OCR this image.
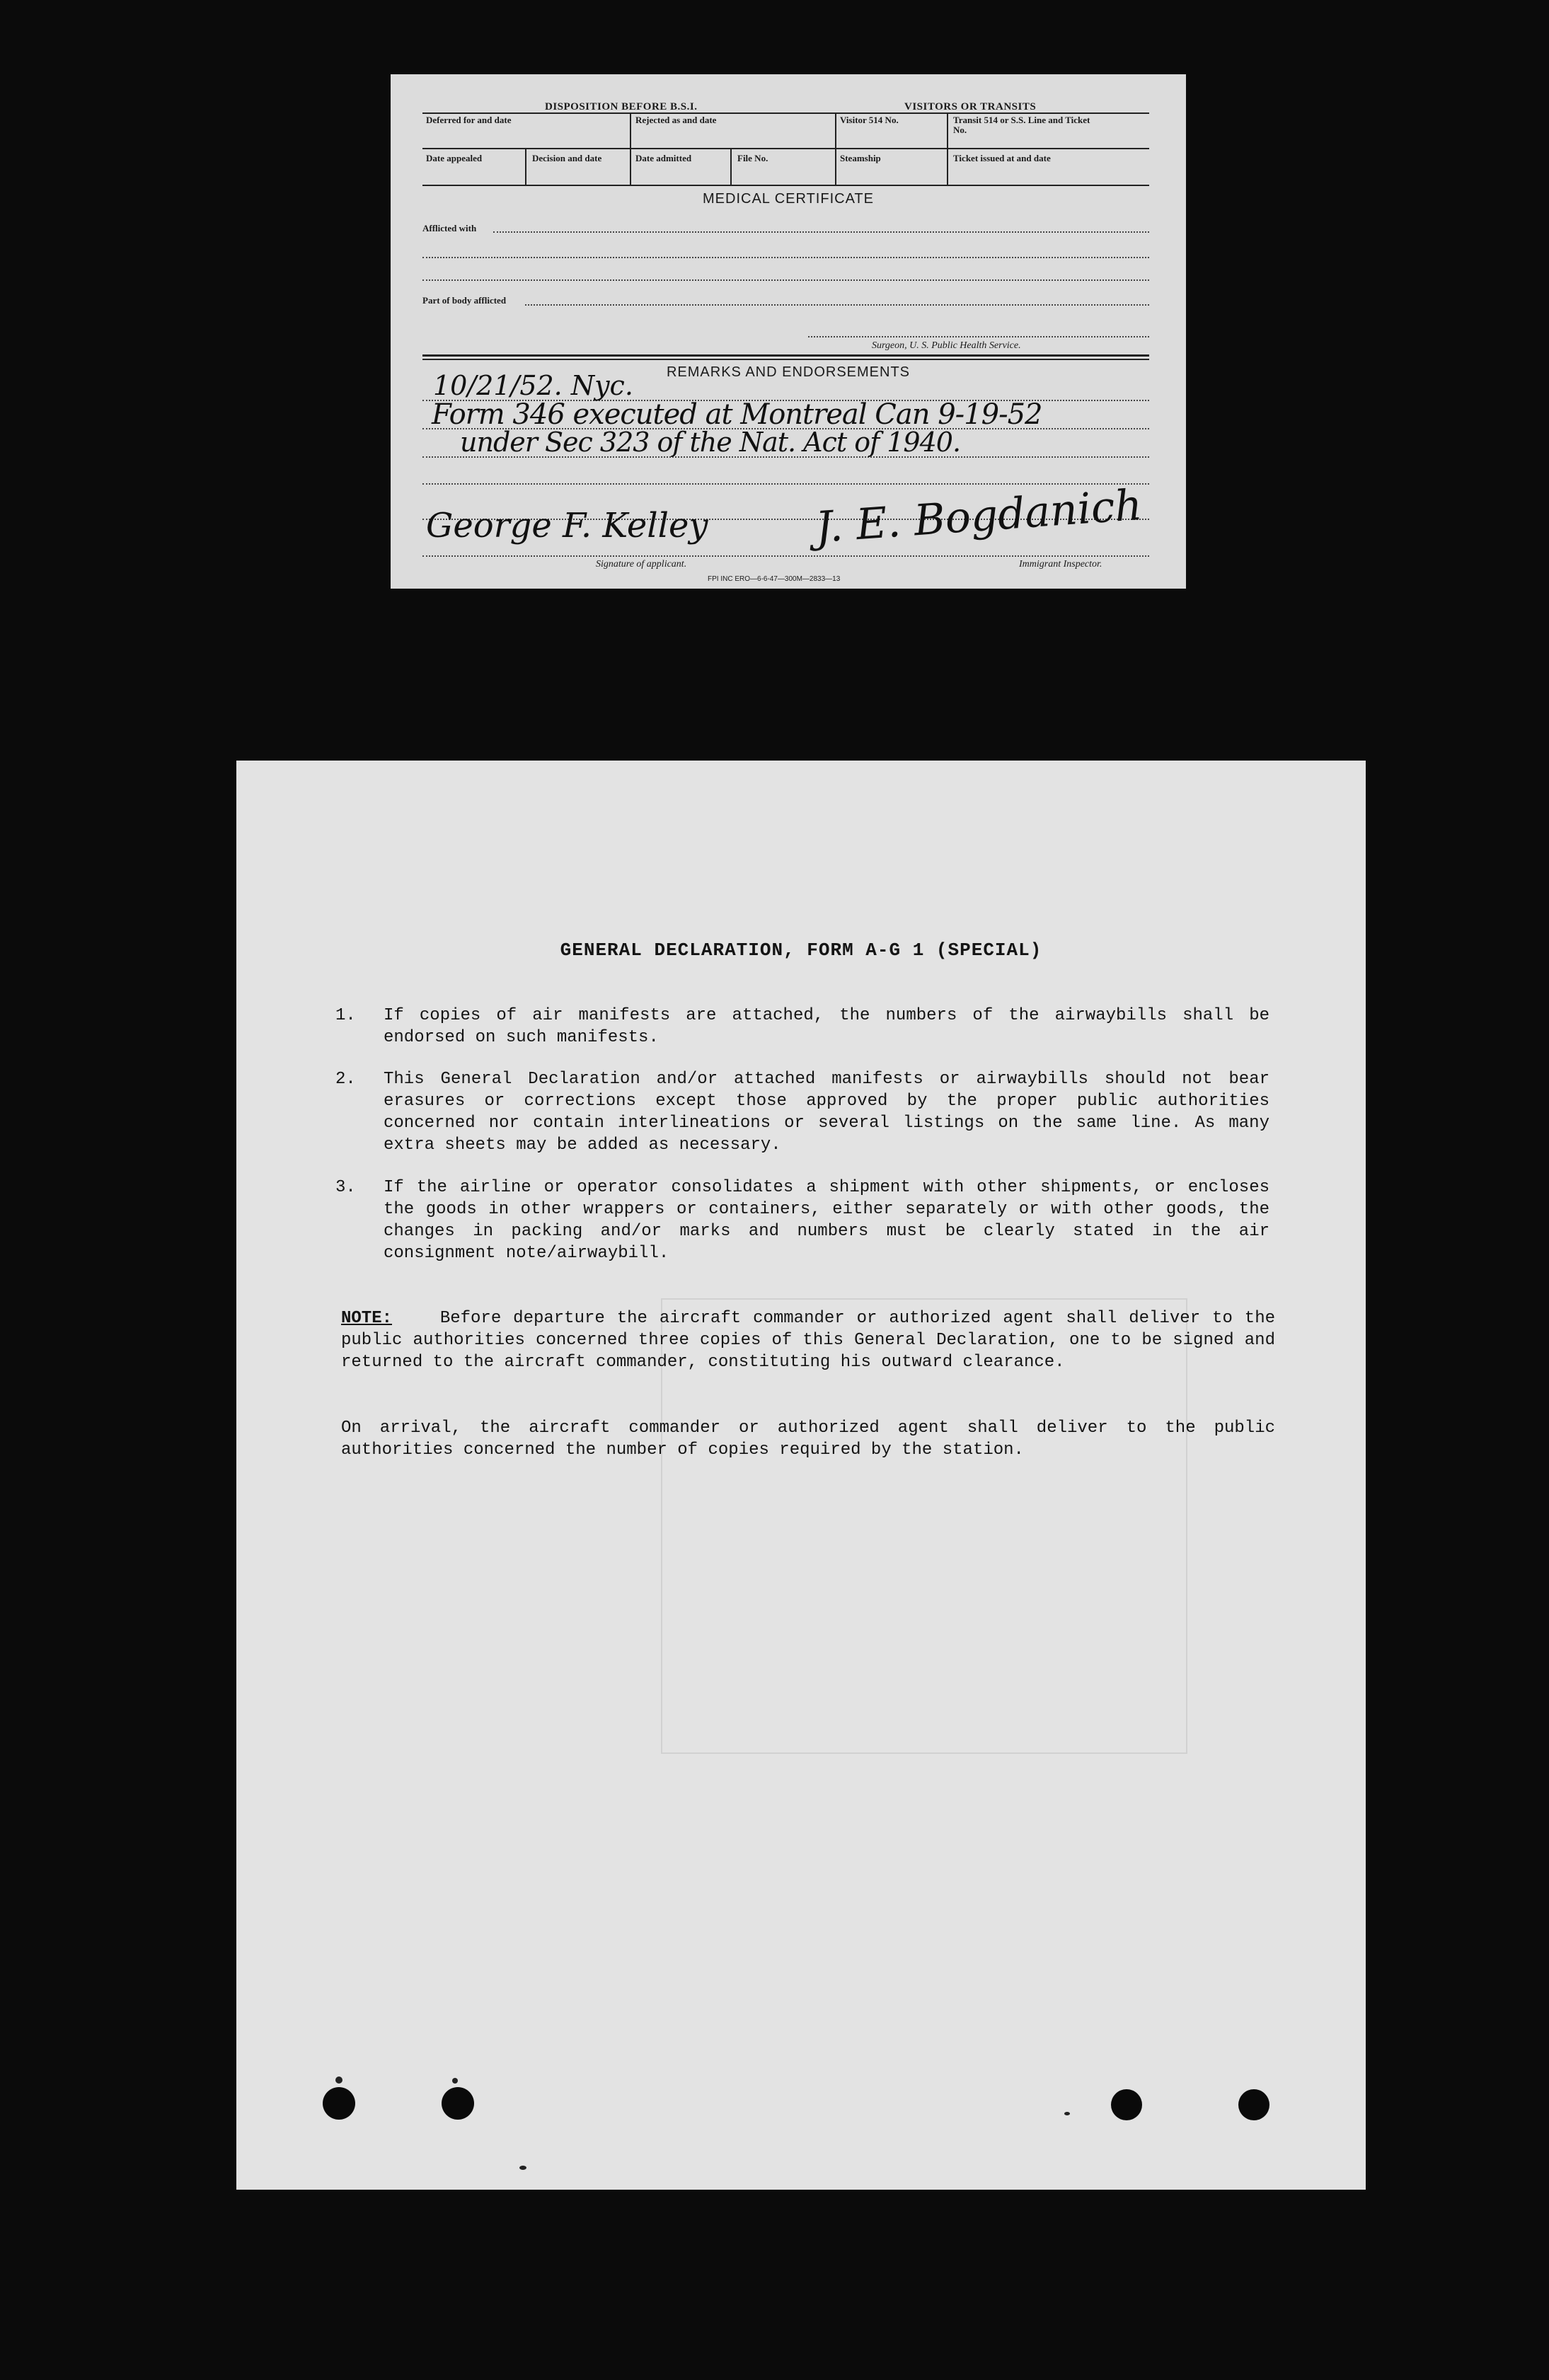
DISPOSITION BEFORE B.S.I.	VISITORS OR TRANSITS
Deferred for and date	Rejected as and date	Visitor 514 No.	Transit 514 or S.S. Line and Ticket No.
Date appealed	Decision and date	Date admitted	File No.	Steamship	Ticket issued at and date
MEDICAL CERTIFICATE
Afflicted with
Part of body afflicted
Surgeon, U. S. Public Health Service.
REMARKS AND ENDORSEMENTS
10/21/52. Nyc.
Form 346 executed at Montreal Can 9-19-52
under Sec 323 of the Nat. Act of 1940.
George F. Kelley J. E. Bogdanich
Signature of applicant.	Immigrant Inspector.
FPI INC ERO—6-6-47—300M—2833—13
GENERAL DECLARATION, FORM A-G 1 (SPECIAL)
1. If copies of air manifests are attached, the numbers of the airwaybills shall be endorsed on such manifests.
2. This General Declaration and/or attached manifests or airwaybills should not bear erasures or corrections except those approved by the proper public authorities concerned nor contain interlineations or several listings on the same line. As many extra sheets may be added as necessary.
3. If the airline or operator consolidates a shipment with other shipments, or encloses the goods in other wrappers or containers, either separately or with other goods, the changes in packing and/or marks and numbers must be clearly stated in the air consignment note/airwaybill.
NOTE:	Before departure the aircraft commander or authorized agent shall deliver to the public authorities concerned three copies of this General Declaration, one to be signed and returned to the aircraft commander, constituting his outward clearance.
On arrival, the aircraft commander or authorized agent shall deliver to the public authorities concerned the number of copies required by the station.
